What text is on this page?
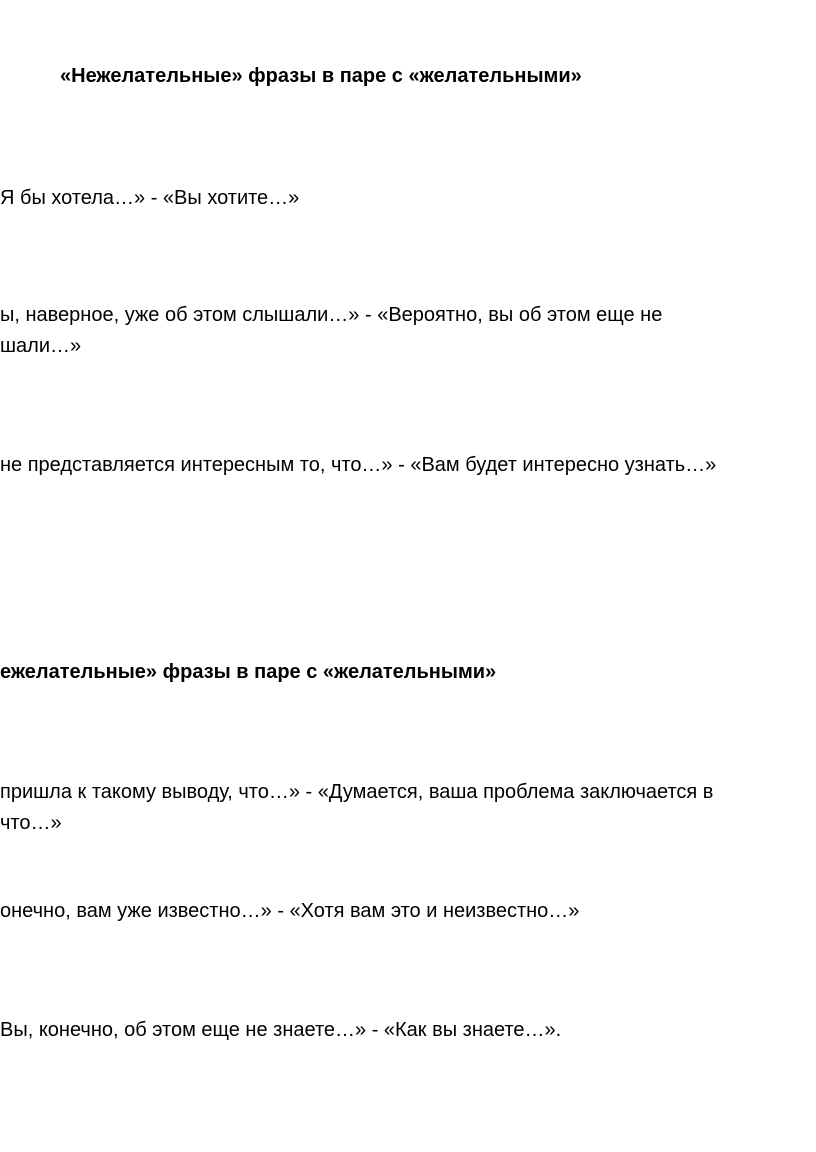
«Нежелательные» фразы в паре с «желательными»

Я бы хотела…» - «Вы хотите…»

ы, наверное, уже об этом слышали…» - «Вероятно, вы об этом еще не

шали…»

не представляется интересным то, что…» - «Вам будет интересно узнать…»

ежелательные» фразы в паре с «желательными»

пришла к такому выводу, что…» - «Думается, ваша проблема заключается в

что…»

онечно, вам уже известно…» - «Хотя вам это и неизвестно…»

Вы, конечно, об этом еще не знаете…» - «Как вы знаете…».
